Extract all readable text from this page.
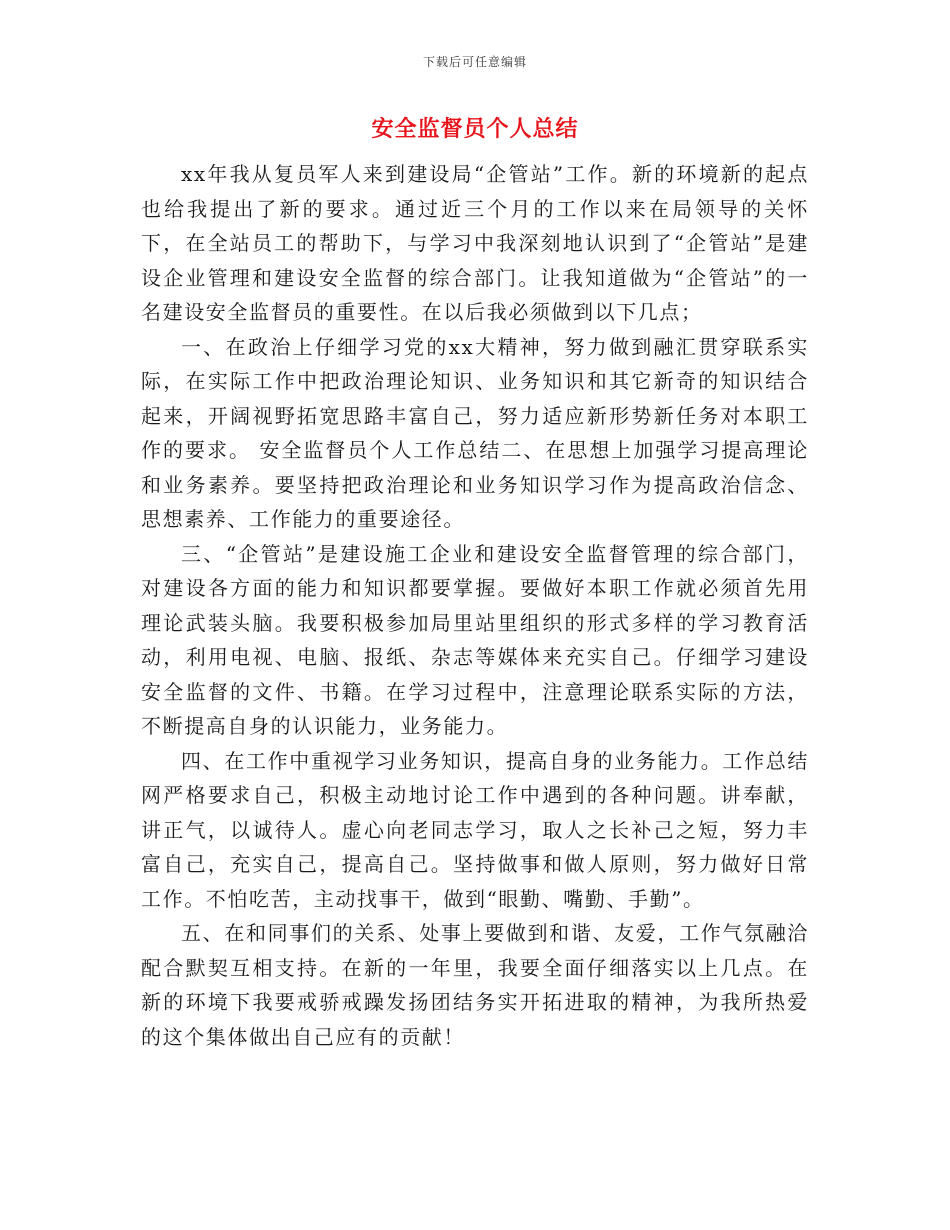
下载后可任意编辑
安全监督员个人总结

xx年我从复员军人来到建设局“企管站”工作。新的环境新的起点也给我提出了新的要求。通过近三个月的工作以来在局领导的关怀下，在全站员工的帮助下，与学习中我深刻地认识到了“企管站”是建设企业管理和建设安全监督的综合部门。让我知道做为“企管站”的一名建设安全监督员的重要性。在以后我必须做到以下几点；

一、在政治上仔细学习党的xx大精神，努力做到融汇贯穿联系实际，在实际工作中把政治理论知识、业务知识和其它新奇的知识结合起来，开阔视野拓宽思路丰富自己，努力适应新形势新任务对本职工作的要求。 安全监督员个人工作总结二、在思想上加强学习提高理论和业务素养。要坚持把政治理论和业务知识学习作为提高政治信念、思想素养、工作能力的重要途径。

三、“企管站”是建设施工企业和建设安全监督管理的综合部门，对建设各方面的能力和知识都要掌握。要做好本职工作就必须首先用理论武装头脑。我要积极参加局里站里组织的形式多样的学习教育活动，利用电视、电脑、报纸、杂志等媒体来充实自己。仔细学习建设安全监督的文件、书籍。在学习过程中，注意理论联系实际的方法，不断提高自身的认识能力，业务能力。

四、在工作中重视学习业务知识，提高自身的业务能力。工作总结网严格要求自己，积极主动地讨论工作中遇到的各种问题。讲奉献，讲正气，以诚待人。虚心向老同志学习，取人之长补己之短，努力丰富自己，充实自己，提高自己。坚持做事和做人原则，努力做好日常工作。不怕吃苦，主动找事干，做到“眼勤、嘴勤、手勤”。

五、在和同事们的关系、处事上要做到和谐、友爱，工作气氛融洽配合默契互相支持。在新的一年里，我要全面仔细落实以上几点。在新的环境下我要戒骄戒躁发扬团结务实开拓进取的精神，为我所热爱的这个集体做出自己应有的贡献！
